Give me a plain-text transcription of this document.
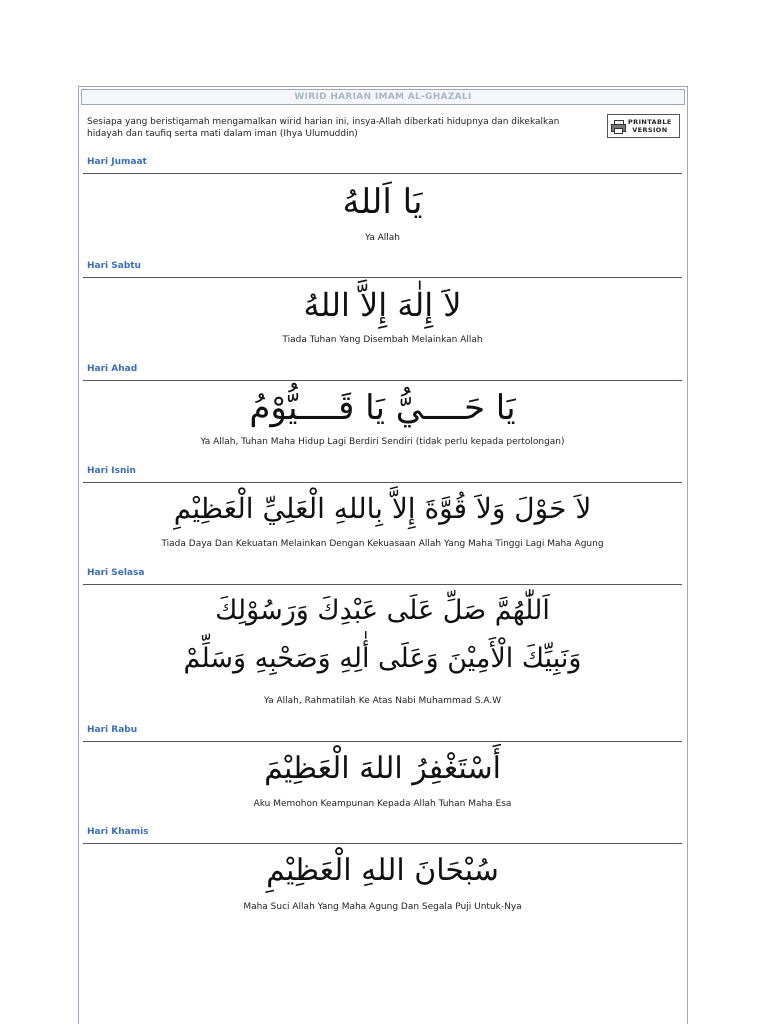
WIRID HARIAN IMAM AL-GHAZALI
Sesiapa yang beristiqamah mengamalkan wirid harian ini, insya-Allah diberkati hidupnya dan dikekalkan hidayah dan taufiq serta mati dalam iman (Ihya Ulumuddin)
PRINTABLE
VERSION
Hari Jumaat
يَا اَللهُ
Ya Allah
Hari Sabtu
لاَ إِلٰهَ إِلاَّ اللهُ
Tiada Tuhan Yang Disembah Melainkan Allah
Hari Ahad
يَا حَــــيُّ يَا قَــــيُّوْمُ
Ya Allah, Tuhan Maha Hidup Lagi Berdiri Sendiri (tidak perlu kepada pertolongan)
Hari Isnin
لاَ حَوْلَ وَلاَ قُوَّةَ إِلاَّ بِاللهِ الْعَلِيِّ الْعَظِيْمِ
Tiada Daya Dan Kekuatan Melainkan Dengan Kekuasaan Allah Yang Maha Tinggi Lagi Maha Agung
Hari Selasa
اَللّٰهُمَّ صَلِّ عَلَى عَبْدِكَ وَرَسُوْلِكَ
وَنَبِيِّكَ الْأَمِيْنَ وَعَلَى أٰلِهِ وَصَحْبِهِ وَسَلِّمْ
Ya Allah, Rahmatilah Ke Atas Nabi Muhammad S.A.W
Hari Rabu
أَسْتَغْفِرُ اللهَ الْعَظِيْمَ
Aku Memohon Keampunan Kepada Allah Tuhan Maha Esa
Hari Khamis
سُبْحَانَ اللهِ الْعَظِيْمِ
Maha Suci Allah Yang Maha Agung Dan Segala Puji Untuk-Nya
